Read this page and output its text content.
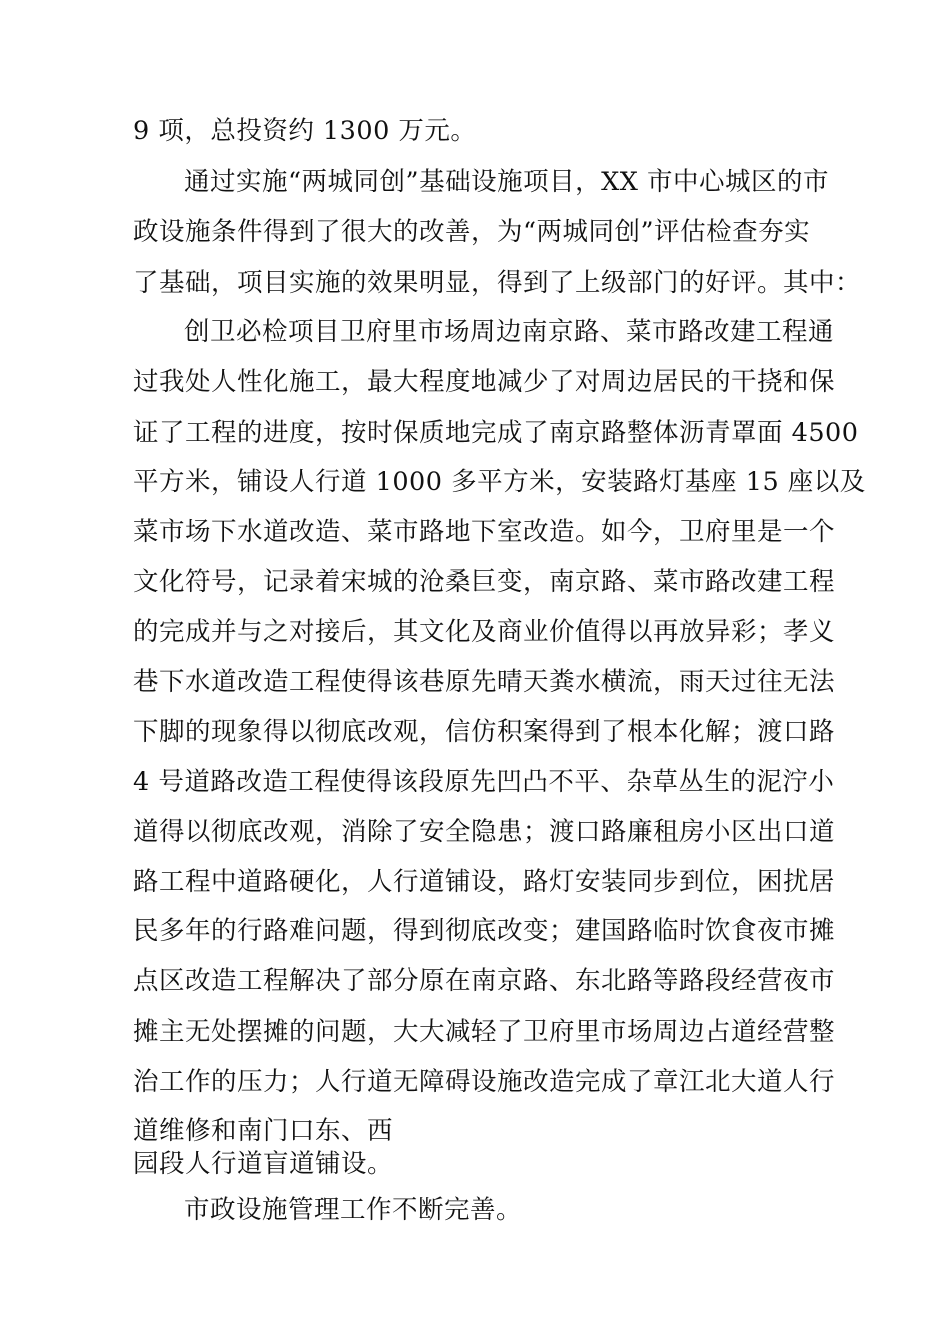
9 项，总投资约 1300 万元。
通过实施“两城同创”基础设施项目，XX 市中心城区的市
政设施条件得到了很大的改善，为“两城同创”评估检查夯实
了基础，项目实施的效果明显，得到了上级部门的好评。其中：
创卫必检项目卫府里市场周边南京路、菜市路改建工程通
过我处人性化施工，最大程度地减少了对周边居民的干挠和保
证了工程的进度，按时保质地完成了南京路整体沥青罩面 4500
平方米，铺设人行道 1000 多平方米，安装路灯基座 15 座以及
菜市场下水道改造、菜市路地下室改造。如今，卫府里是一个
文化符号，记录着宋城的沧桑巨变，南京路、菜市路改建工程
的完成并与之对接后，其文化及商业价值得以再放异彩；孝义
巷下水道改造工程使得该巷原先晴天粪水横流，雨天过往无法
下脚的现象得以彻底改观，信仿积案得到了根本化解；渡口路
4 号道路改造工程使得该段原先凹凸不平、杂草丛生的泥泞小
道得以彻底改观，消除了安全隐患；渡口路廉租房小区出口道
路工程中道路硬化，人行道铺设，路灯安装同步到位，困扰居
民多年的行路难问题，得到彻底改变；建国路临时饮食夜市摊
点区改造工程解决了部分原在南京路、东北路等路段经营夜市
摊主无处摆摊的问题，大大减轻了卫府里市场周边占道经营整
治工作的压力；人行道无障碍设施改造完成了章江北大道人行
道维修和南门口东、西
园段人行道盲道铺设。
市政设施管理工作不断完善。
